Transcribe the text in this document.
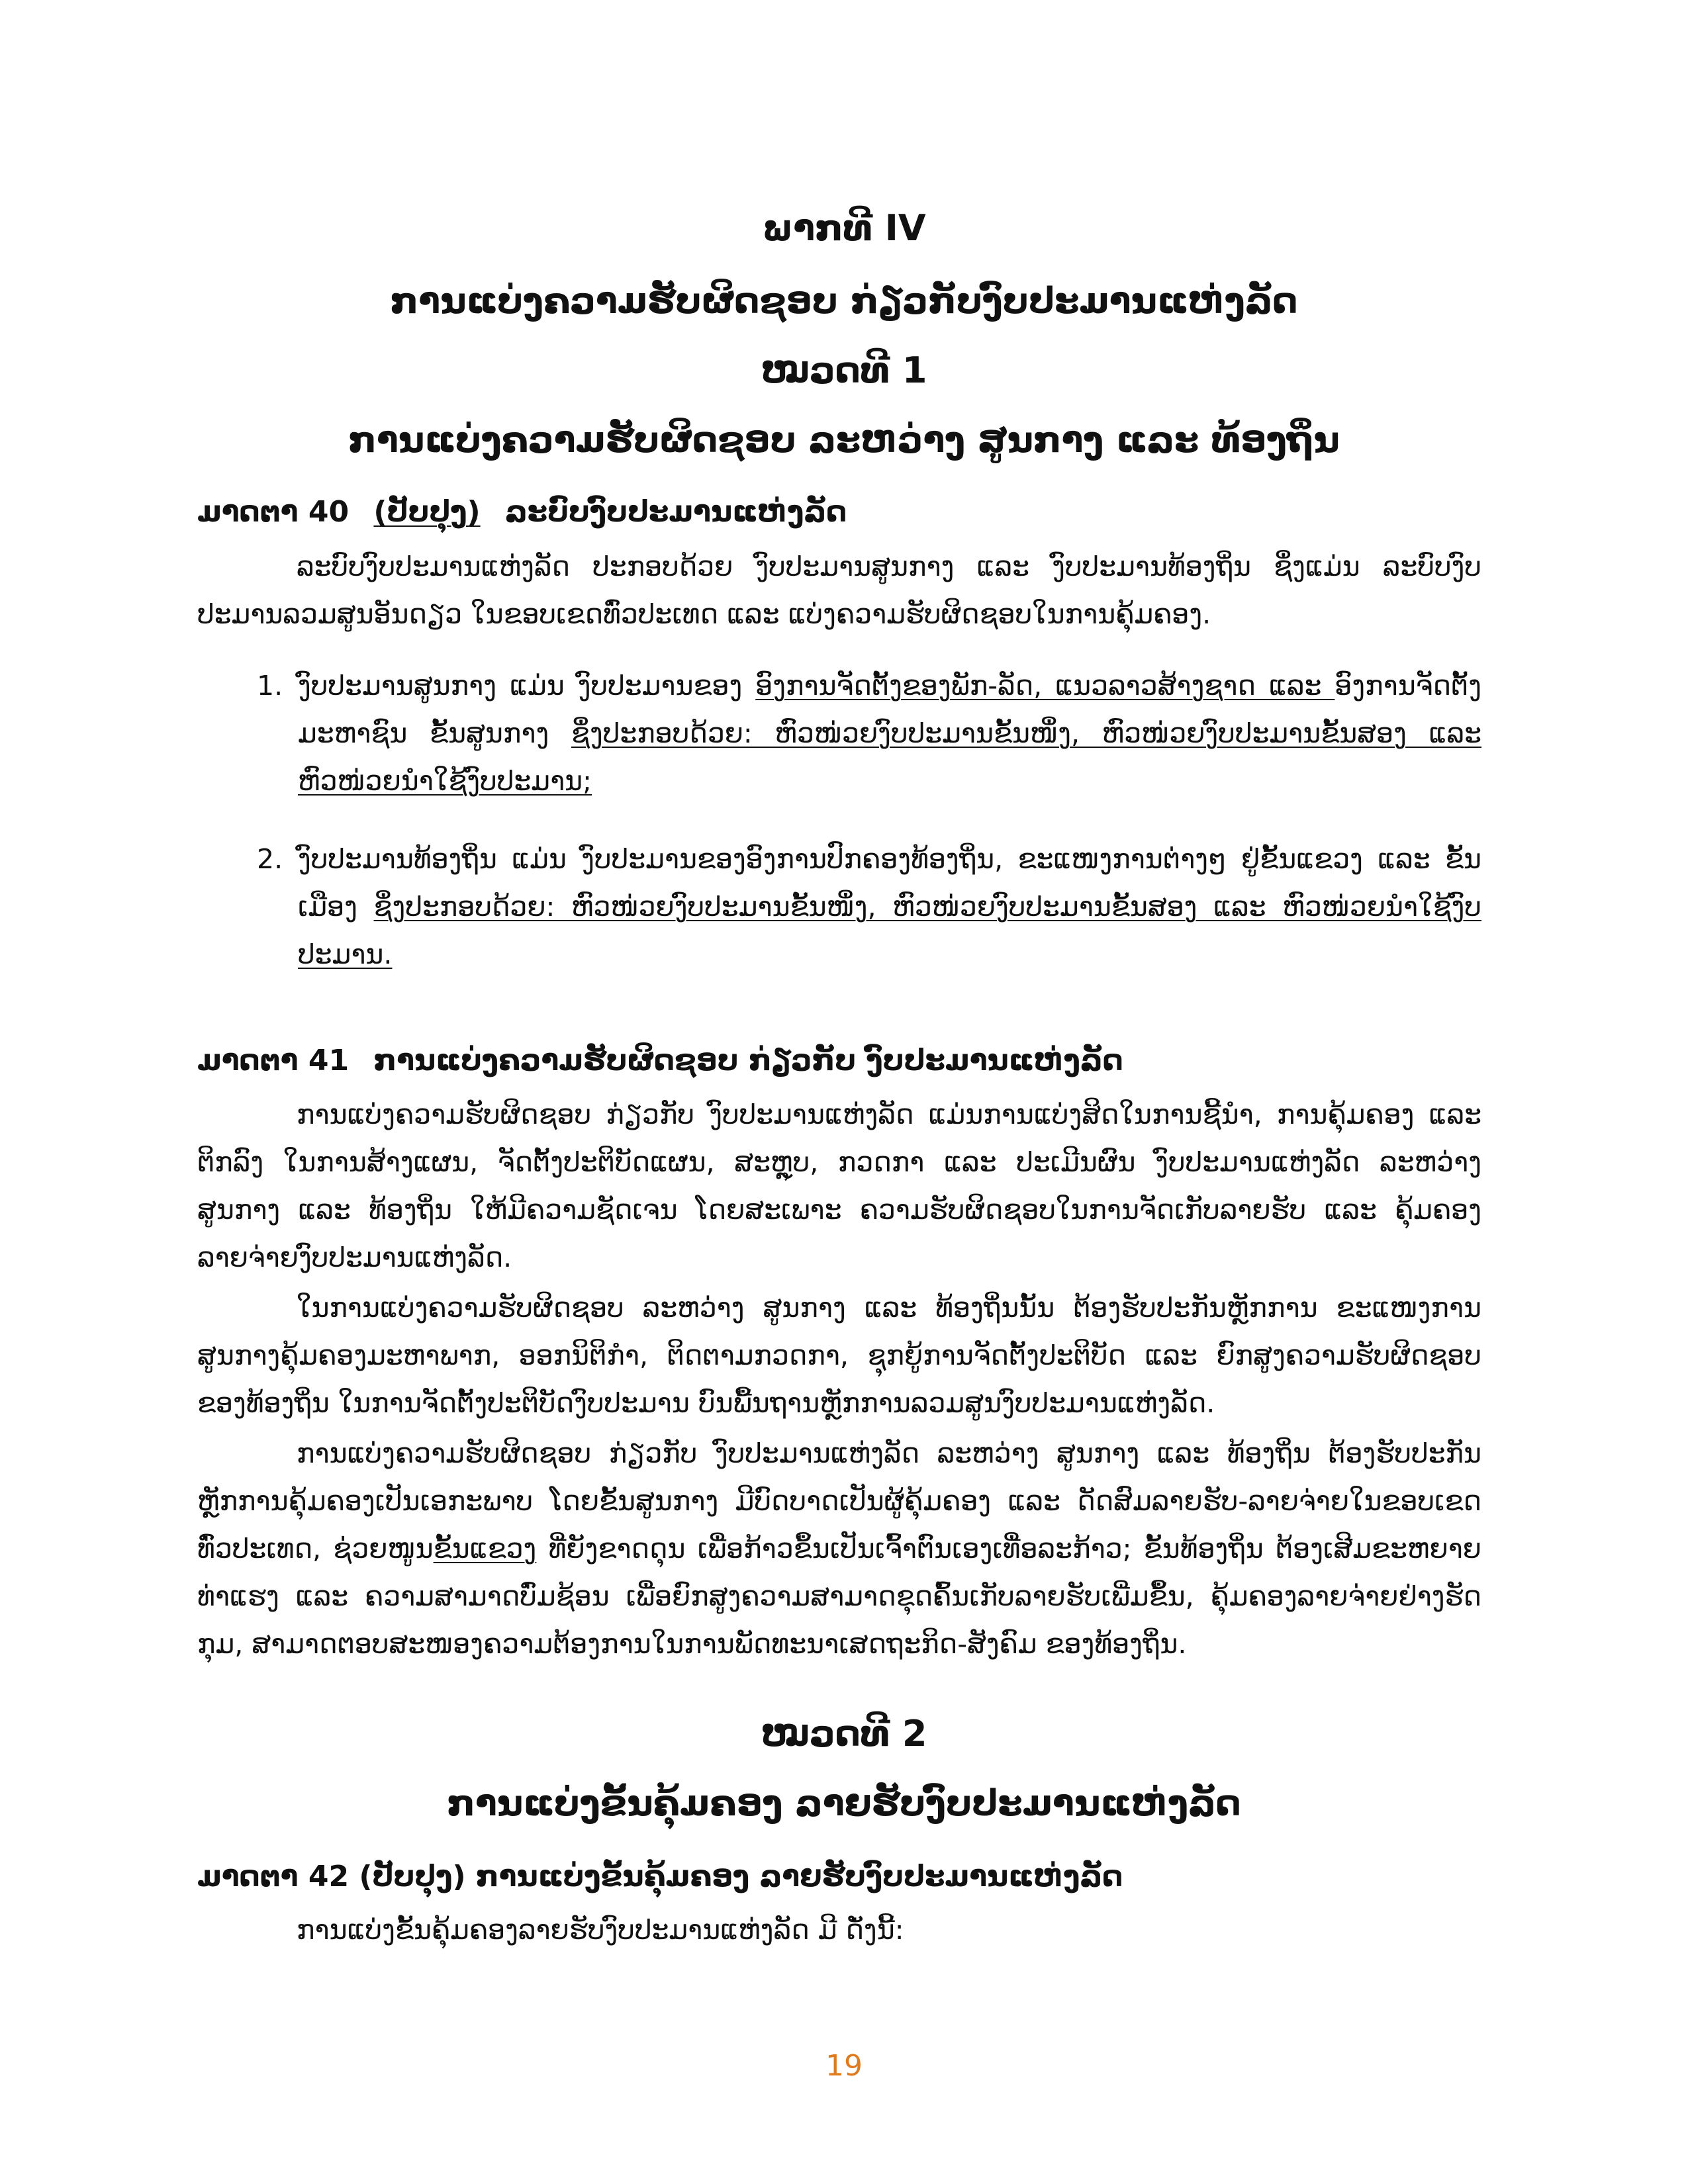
ພາກທີ IV
ການແບ່ງຄວາມຮັບຜິດຊອບ ກ່ຽວກັບງົບປະມານແຫ່ງລັດ
ໝວດທີ 1
ການແບ່ງຄວາມຮັບຜິດຊອບ ລະຫວ່າງ ສູນກາງ ແລະ ທ້ອງຖິ່ນ
ມາດຕາ 40 (ປັບປຸງ) ລະບົບງົບປະມານແຫ່ງລັດ
ລະບົບງົບປະມານແຫ່ງລັດ ປະກອບດ້ວຍ ງົບປະມານສູນກາງ ແລະ ງົບປະມານທ້ອງຖິ່ນ ຊຶ່ງແມ່ນ ລະບົບງົບປະມານລວມສູນອັນດຽວ ໃນຂອບເຂດທົ່ວປະເທດ ແລະ ແບ່ງຄວາມຮັບຜິດຊອບໃນການຄຸ້ມຄອງ.
1. ງົບປະມານສູນກາງ ແມ່ນ ງົບປະມານຂອງ ອົງການຈັດຕັ້ງຂອງພັກ-ລັດ, ແນວລາວສ້າງຊາດ ແລະ ອົງການຈັດຕັ້ງມະຫາຊົນ ຂັ້ນສູນກາງ ຊຶ່ງປະກອບດ້ວຍ: ຫົວໜ່ວຍງົບປະມານຂັ້ນໜຶ່ງ, ຫົວໜ່ວຍງົບປະມານຂັ້ນສອງ ແລະ ຫົວໜ່ວຍນຳໃຊ້ງົບປະມານ;
2. ງົບປະມານທ້ອງຖິ່ນ ແມ່ນ ງົບປະມານຂອງອົງການປົກຄອງທ້ອງຖິ່ນ, ຂະແໜງການຕ່າງໆ ຢູ່ຂັ້ນແຂວງ ແລະ ຂັ້ນເມືອງ ຊຶ່ງປະກອບດ້ວຍ: ຫົວໜ່ວຍງົບປະມານຂັ້ນໜຶ່ງ, ຫົວໜ່ວຍງົບປະມານຂັ້ນສອງ ແລະ ຫົວໜ່ວຍນຳໃຊ້ງົບປະມານ.
ມາດຕາ 41 ການແບ່ງຄວາມຮັບຜິດຊອບ ກ່ຽວກັບ ງົບປະມານແຫ່ງລັດ
ການແບ່ງຄວາມຮັບຜິດຊອບ ກ່ຽວກັບ ງົບປະມານແຫ່ງລັດ ແມ່ນການແບ່ງສິດໃນການຊີ້ນຳ, ການຄຸ້ມຄອງ ແລະ ຕິກລົງ ໃນການສ້າງແຜນ, ຈັດຕັ້ງປະຕິບັດແຜນ, ສະຫຼຸບ, ກວດກາ ແລະ ປະເມີນຜົນ ງົບປະມານແຫ່ງລັດ ລະຫວ່າງ ສູນກາງ ແລະ ທ້ອງຖິ່ນ ໃຫ້ມີຄວາມຊັດເຈນ ໂດຍສະເພາະ ຄວາມຮັບຜິດຊອບໃນການຈັດເກັບລາຍຮັບ ແລະ ຄຸ້ມຄອງລາຍຈ່າຍງົບປະມານແຫ່ງລັດ.
ໃນການແບ່ງຄວາມຮັບຜິດຊອບ ລະຫວ່າງ ສູນກາງ ແລະ ທ້ອງຖິ່ນນັ້ນ ຕ້ອງຮັບປະກັນຫຼັກການ ຂະແໜງການສູນກາງຄຸ້ມຄອງມະຫາພາກ, ອອກນິຕິກຳ, ຕິດຕາມກວດກາ, ຊຸກຍູ້ການຈັດຕັ້ງປະຕິບັດ ແລະ ຍົກສູງຄວາມຮັບຜິດຊອບ ຂອງທ້ອງຖິ່ນ ໃນການຈັດຕັ້ງປະຕິບັດງົບປະມານ ບົນພື້ນຖານຫຼັກການລວມສູນງົບປະມານແຫ່ງລັດ.
ການແບ່ງຄວາມຮັບຜິດຊອບ ກ່ຽວກັບ ງົບປະມານແຫ່ງລັດ ລະຫວ່າງ ສູນກາງ ແລະ ທ້ອງຖິ່ນ ຕ້ອງຮັບປະກັນຫຼັກການຄຸ້ມຄອງເປັນເອກະພາບ ໂດຍຂັ້ນສູນກາງ ມີບົດບາດເປັນຜູ້ຄຸ້ມຄອງ ແລະ ດັດສົມລາຍຮັບ-ລາຍຈ່າຍໃນຂອບເຂດທົ່ວປະເທດ, ຊ່ວຍໜູນຂັ້ນແຂວງ ທີ່ຍັງຂາດດຸນ ເພື່ອກ້າວຂຶ້ນເປັນເຈົ້າຕົນເອງເທື່ອລະກ້າວ; ຂັ້ນທ້ອງຖິ່ນ ຕ້ອງເສີມຂະຫຍາຍທ່າແຮງ ແລະ ຄວາມສາມາດບົ່ມຊ້ອນ ເພື່ອຍົກສູງຄວາມສາມາດຂຸດຄົ້ນເກັບລາຍຮັບເພີ່ມຂຶ້ນ, ຄຸ້ມຄອງລາຍຈ່າຍຢ່າງຮັດກຸມ, ສາມາດຕອບສະໜອງຄວາມຕ້ອງການໃນການພັດທະນາເສດຖະກິດ-ສັງຄົມ ຂອງທ້ອງຖິ່ນ.
ໝວດທີ 2
ການແບ່ງຂັ້ນຄຸ້ມຄອງ ລາຍຮັບງົບປະມານແຫ່ງລັດ
ມາດຕາ 42 (ປັບປຸງ) ການແບ່ງຂັ້ນຄຸ້ມຄອງ ລາຍຮັບງົບປະມານແຫ່ງລັດ
ການແບ່ງຂັ້ນຄຸ້ມຄອງລາຍຮັບງົບປະມານແຫ່ງລັດ ມີ ດັ່ງນີ້:
19
